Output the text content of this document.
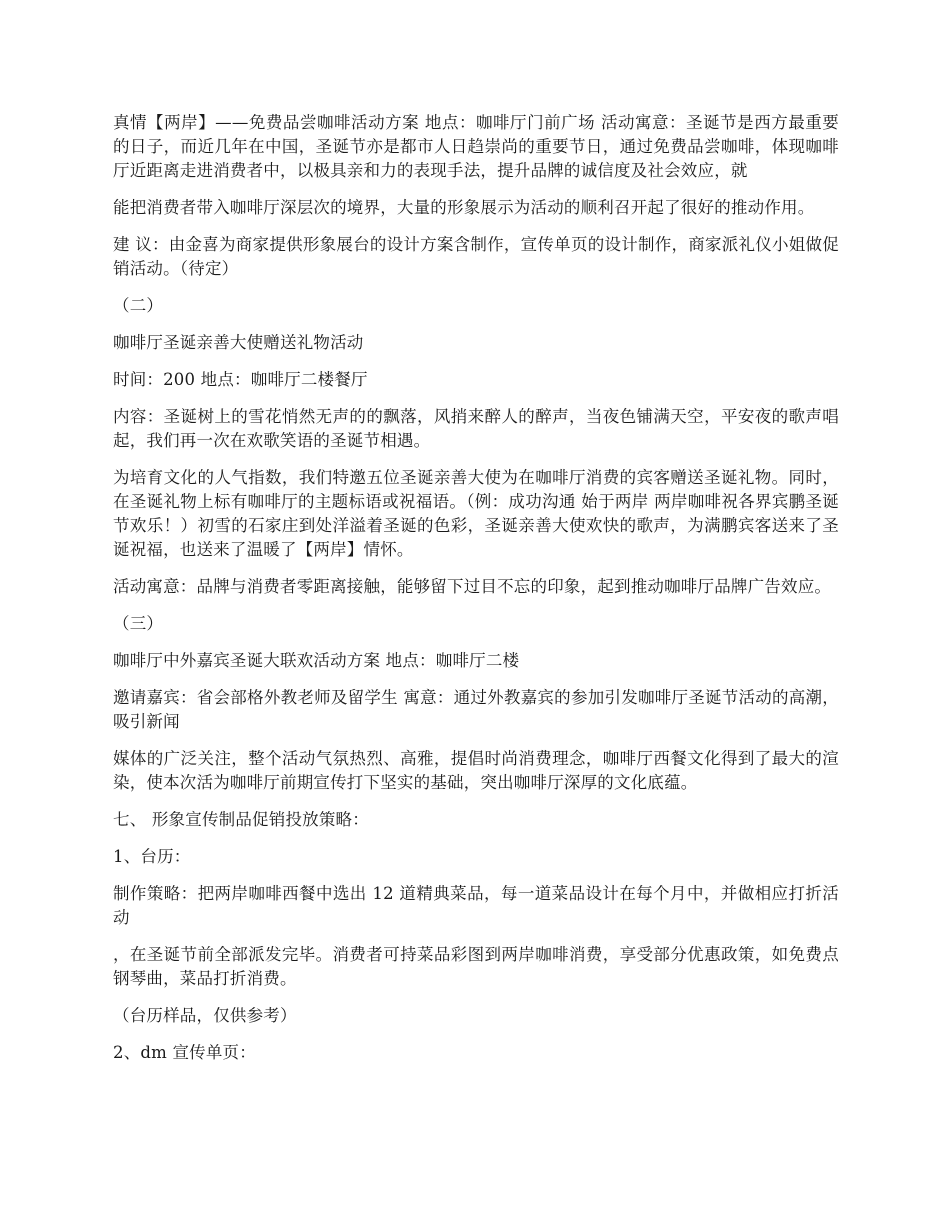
真情【两岸】——免费品尝咖啡活动方案 地点：咖啡厅门前广场 活动寓意：圣诞节是西方最重要的日子，而近几年在中国，圣诞节亦是都市人日趋崇尚的重要节日，通过免费品尝咖啡，体现咖啡厅近距离走进消费者中，以极具亲和力的表现手法，提升品牌的诚信度及社会效应，就

能把消费者带入咖啡厅深层次的境界，大量的形象展示为活动的顺利召开起了很好的推动作用。

建 议：由金喜为商家提供形象展台的设计方案含制作，宣传单页的设计制作，商家派礼仪小姐做促销活动。（待定）

（二）

咖啡厅圣诞亲善大使赠送礼物活动

时间：200 地点：咖啡厅二楼餐厅

内容：圣诞树上的雪花悄然无声的的飘落，风捎来醉人的醉声，当夜色铺满天空，平安夜的歌声唱起，我们再一次在欢歌笑语的圣诞节相遇。

为培育文化的人气指数，我们特邀五位圣诞亲善大使为在咖啡厅消费的宾客赠送圣诞礼物。同时，在圣诞礼物上标有咖啡厅的主题标语或祝福语。（例：成功沟通 始于两岸 两岸咖啡祝各界宾鹏圣诞节欢乐！）初雪的石家庄到处洋溢着圣诞的色彩，圣诞亲善大使欢快的歌声，为满鹏宾客送来了圣诞祝福，也送来了温暖了【两岸】情怀。

活动寓意：品牌与消费者零距离接触，能够留下过目不忘的印象，起到推动咖啡厅品牌广告效应。

（三）

咖啡厅中外嘉宾圣诞大联欢活动方案 地点：咖啡厅二楼

邀请嘉宾：省会部格外教老师及留学生 寓意：通过外教嘉宾的参加引发咖啡厅圣诞节活动的高潮，吸引新闻

媒体的广泛关注，整个活动气氛热烈、高雅，提倡时尚消费理念，咖啡厅西餐文化得到了最大的渲染，使本次活为咖啡厅前期宣传打下坚实的基础，突出咖啡厅深厚的文化底蕴。

七、 形象宣传制品促销投放策略：

1、台历：

制作策略：把两岸咖啡西餐中选出 12 道精典菜品，每一道菜品设计在每个月中，并做相应打折活动

，在圣诞节前全部派发完毕。消费者可持菜品彩图到两岸咖啡消费，享受部分优惠政策，如免费点钢琴曲，菜品打折消费。

（台历样品，仅供参考）

2、dm 宣传单页：
